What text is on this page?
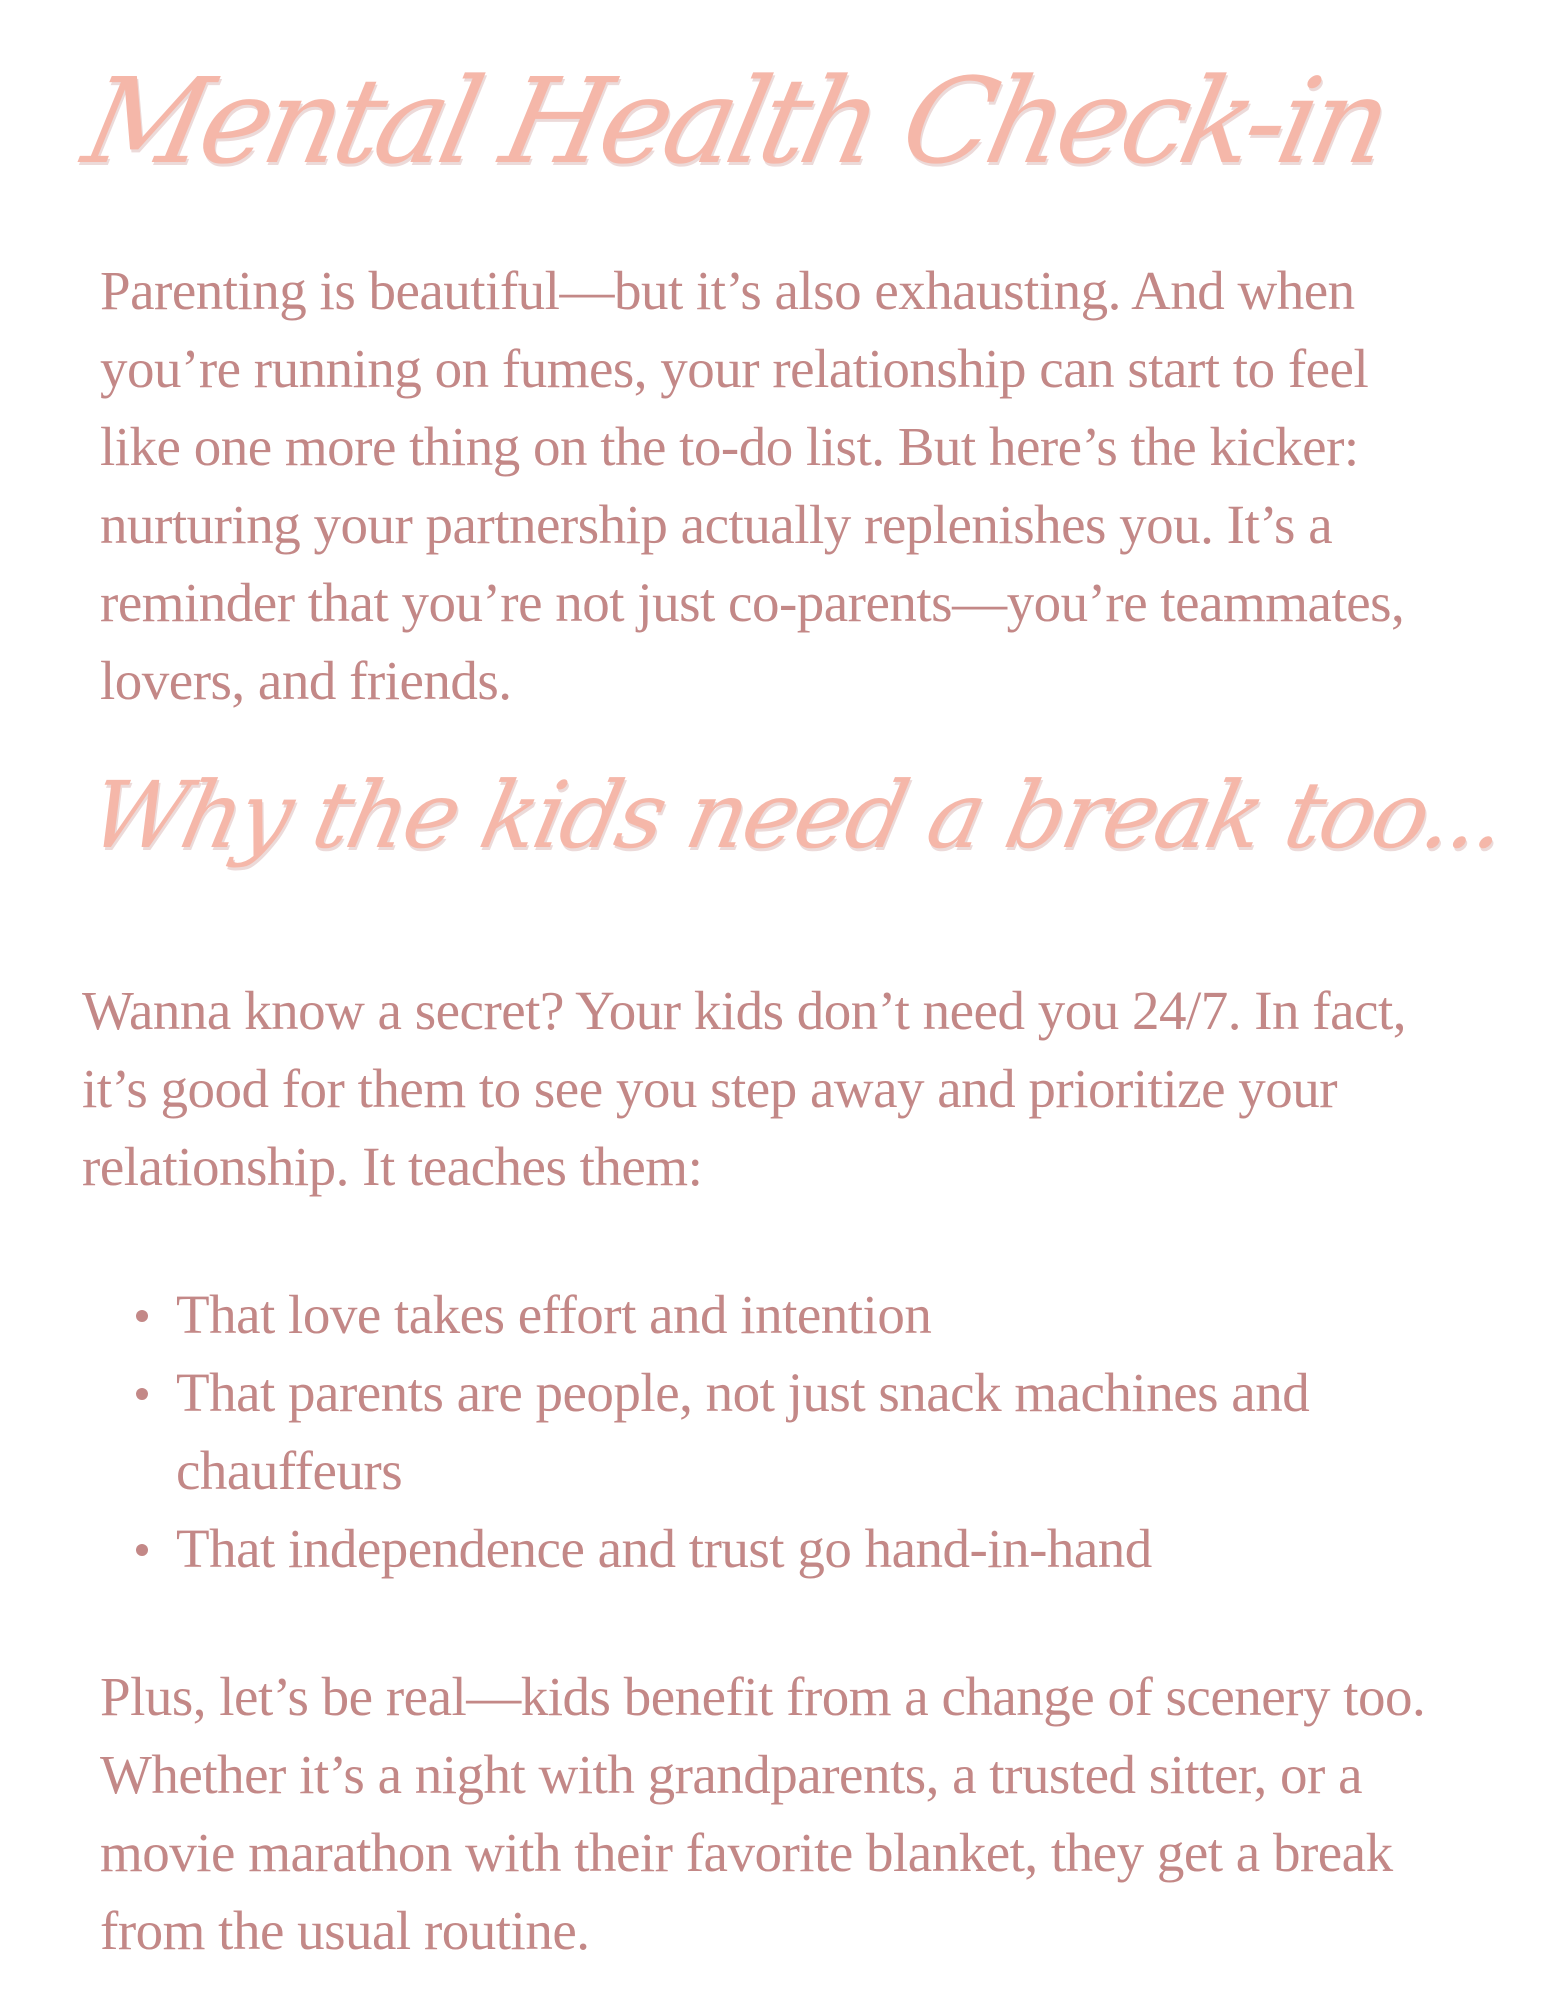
Mental Health Check-in

Parenting is beautiful—but it’s also exhausting. And when you’re running on fumes, your relationship can start to feel like one more thing on the to-do list. But here’s the kicker: nurturing your partnership actually replenishes you. It’s a reminder that you’re not just co-parents—you’re teammates, lovers, and friends.

Why the kids need a break too...

Wanna know a secret? Your kids don’t need you 24/7. In fact, it’s good for them to see you step away and prioritize your relationship. It teaches them:

That love takes effort and intention
That parents are people, not just snack machines and chauffeurs
That independence and trust go hand-in-hand

Plus, let’s be real—kids benefit from a change of scenery too. Whether it’s a night with grandparents, a trusted sitter, or a movie marathon with their favorite blanket, they get a break from the usual routine.
